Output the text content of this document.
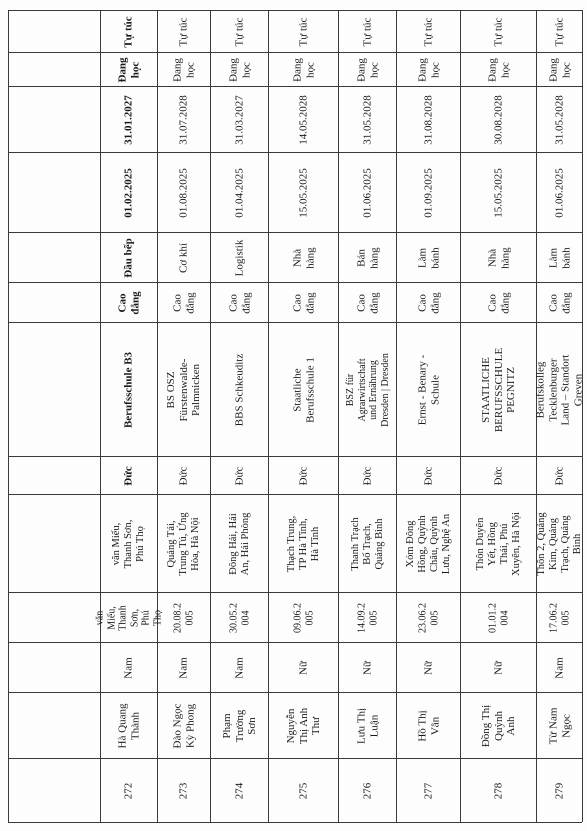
272
Hà Quang
Thành
Nam
văn
Miếu,
Thanh
Sơn,
Phú
Thọ
văn Miếu,
Thanh Sơn,
Phú Thọ
Đức
Berufsschule B3
Cao
đẳng
Đầu bếp
01.02.2025
31.01.2027
Đang
học
Tự túc
273
Đào Ngọc
Kỳ Phong
Nam
20.08.2
005
Quảng Tái,
Trung Tú, Ứng
Hòa, Hà Nội
Đức
BS OSZ
Fürstenwalde-
Palmnicken
Cao
đẳng
Cơ khí
01.08.2025
31.07.2028
Đang
học
Tự túc
274
Phạm
Trường
Sơn
Nam
30.05.2
004
Đông Hải, Hải
An, Hải Phòng
Đức
BBS Schkeuditz
Cao
đẳng
Logistik
01.04.2025
31.03.2027
Đang
học
Tự túc
275
Nguyễn
Thị Anh
Thư
Nữ
09.06.2
005
Thạch Trung,
TP Hà Tĩnh,
Hà Tĩnh
Đức
Staatliche
Berufsschule 1
Cao
đẳng
Nhà
hàng
15.05.2025
14.05.2028
Đang
học
Tự túc
276
Lưu Thị
Luận
Nữ
14.09.2
005
Thanh Trạch
Bố Trạch,
Quảng Bình
Đức
BSZ für
Agrarwirtschaft
und Ernährung
Dresden | Dresden
Cao
đẳng
Bán
hàng
01.06.2025
31.05.2028
Đang
học
Tự túc
277
Hồ Thị
Vân
Nữ
23.06.2
005
Xóm Đông
Hồng, Quỳnh
Châu, Quỳnh
Lưu, Nghệ An
Đức
Ernst - Benary -
Schule
Cao
đẳng
Làm
bánh
01.09.2025
31.08.2028
Đang
học
Tự túc
278
Đồng Thị
Quỳnh
Anh
Nữ
01.01.2
004
Thôn Duyên
Yết, Hồng
Thái, Phú
Xuyên, Hà Nội
Đức
STAATLICHE
BERUFSSCHULE
PEGNITZ
Cao
đẳng
Nhà
hàng
15.05.2025
30.08.2028
Đang
học
Tự túc
279
Từ Nam
Ngọc
Nam
17.06.2
005
Thôn 2, Quảng
Kim, Quảng
Trạch, Quảng
Bình
Đức
Berufskolleg
Tecklenburger
Land – Standort
Greven
Cao
đẳng
Làm
bánh
01.06.2025
31.05.2028
Đang
học
Tự túc
